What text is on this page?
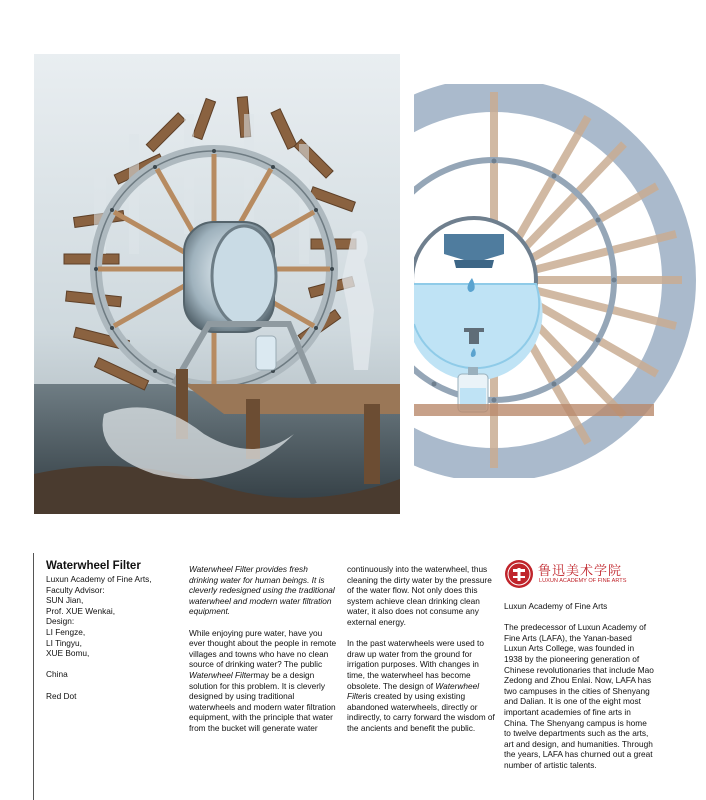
Waterwheel Filter
Luxun Academy of Fine Arts,
Faculty Advisor:
SUN Jian,
Prof. XUE Wenkai,
Design:
LI Fengze,
LI Tingyu,
XUE Bomu,
China
Red Dot

Waterwheel Filter provides fresh drinking water for human beings. It is cleverly redesigned using the traditional waterwheel and modern water filtration equipment.

While enjoying pure water, have you ever thought about the people in remote villages and towns who have no clean source of drinking water? The public Waterwheel Filtermay be a design solution for this problem. It is cleverly designed by using traditional waterwheels and modern water filtration equipment, with the principle that water from the bucket will generate water

continuously into the waterwheel, thus cleaning the dirty water by the pressure of the water flow. Not only does this system achieve clean drinking clean water, it also does not consume any external energy.

In the past waterwheels were used to draw up water from the ground for irrigation purposes. With changes in time, the waterwheel has become obsolete. The design of Waterwheel Filteris created by using existing abandoned waterwheels, directly or indirectly, to carry forward the wisdom of the ancients and benefit the public.

鲁迅美术学院
LUXUN ACADEMY OF FINE ARTS

Luxun Academy of Fine Arts

The predecessor of Luxun Academy of Fine Arts (LAFA), the Yanan-based Luxun Arts College, was founded in 1938 by the pioneering generation of Chinese revolutionaries that include Mao Zedong and Zhou Enlai. Now, LAFA has two campuses in the cities of Shenyang and Dalian. It is one of the eight most important academies of fine arts in China. The Shenyang campus is home to twelve departments such as the arts, art and design, and humanities. Through the years, LAFA has churned out a great number of artistic talents.
